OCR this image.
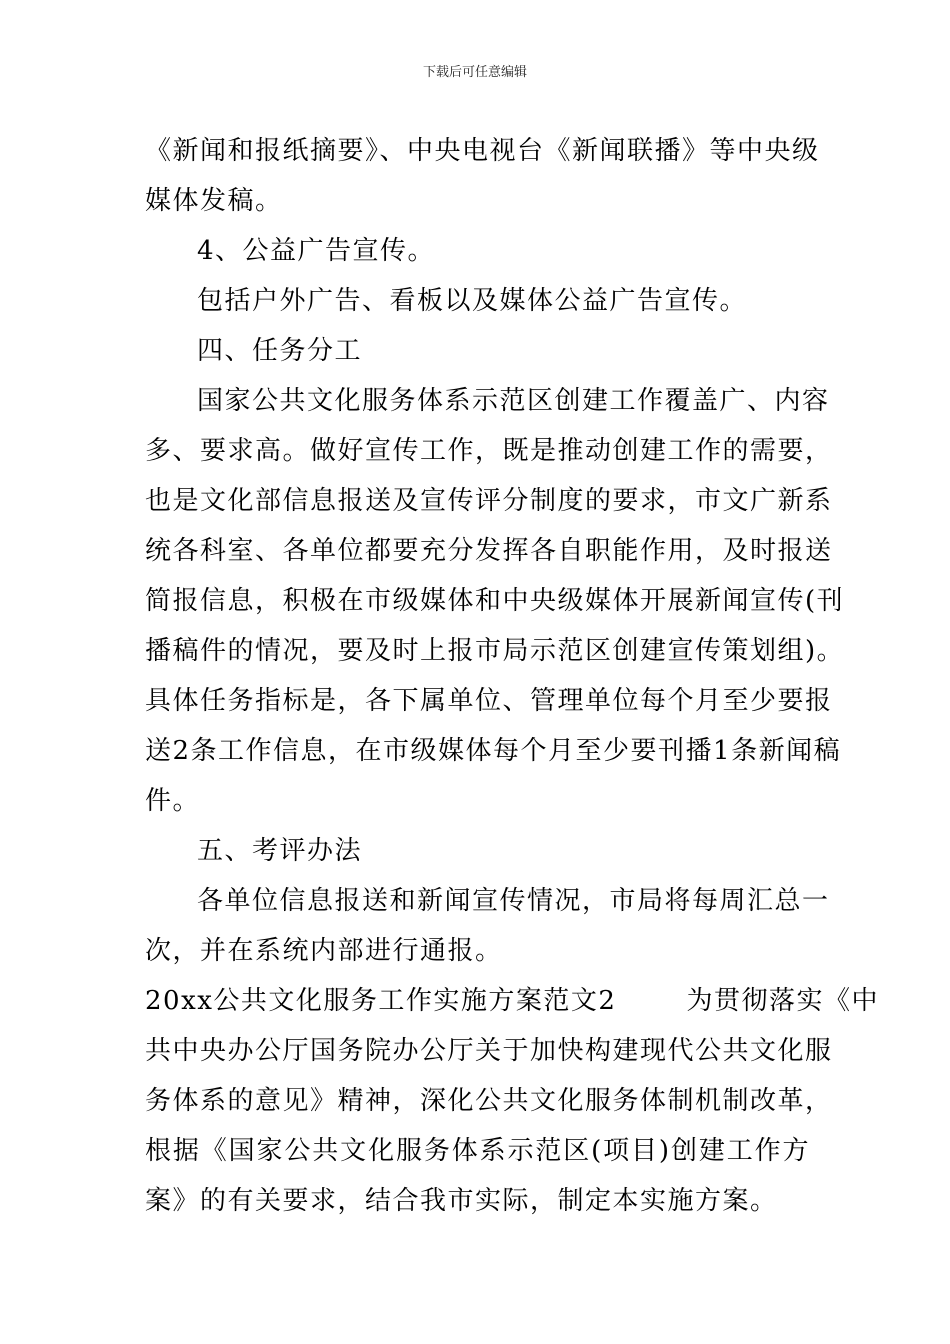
下载后可任意编辑
《新闻和报纸摘要》、中央电视台《新闻联播》等中央级
媒体发稿。
4、公益广告宣传。
包括户外广告、看板以及媒体公益广告宣传。
四、任务分工
国家公共文化服务体系示范区创建工作覆盖广、内容
多、要求高。做好宣传工作，既是推动创建工作的需要，
也是文化部信息报送及宣传评分制度的要求，市文广新系
统各科室、各单位都要充分发挥各自职能作用，及时报送
简报信息，积极在市级媒体和中央级媒体开展新闻宣传(刊
播稿件的情况，要及时上报市局示范区创建宣传策划组)。
具体任务指标是，各下属单位、管理单位每个月至少要报
送2条工作信息，在市级媒体每个月至少要刊播1条新闻稿
件。
五、考评办法
各单位信息报送和新闻宣传情况，市局将每周汇总一
次，并在系统内部进行通报。
20xx公共文化服务工作实施方案范文2	为贯彻落实《中
共中央办公厅国务院办公厅关于加快构建现代公共文化服
务体系的意见》精神，深化公共文化服务体制机制改革，
根据《国家公共文化服务体系示范区(项目)创建工作方
案》的有关要求，结合我市实际，制定本实施方案。
